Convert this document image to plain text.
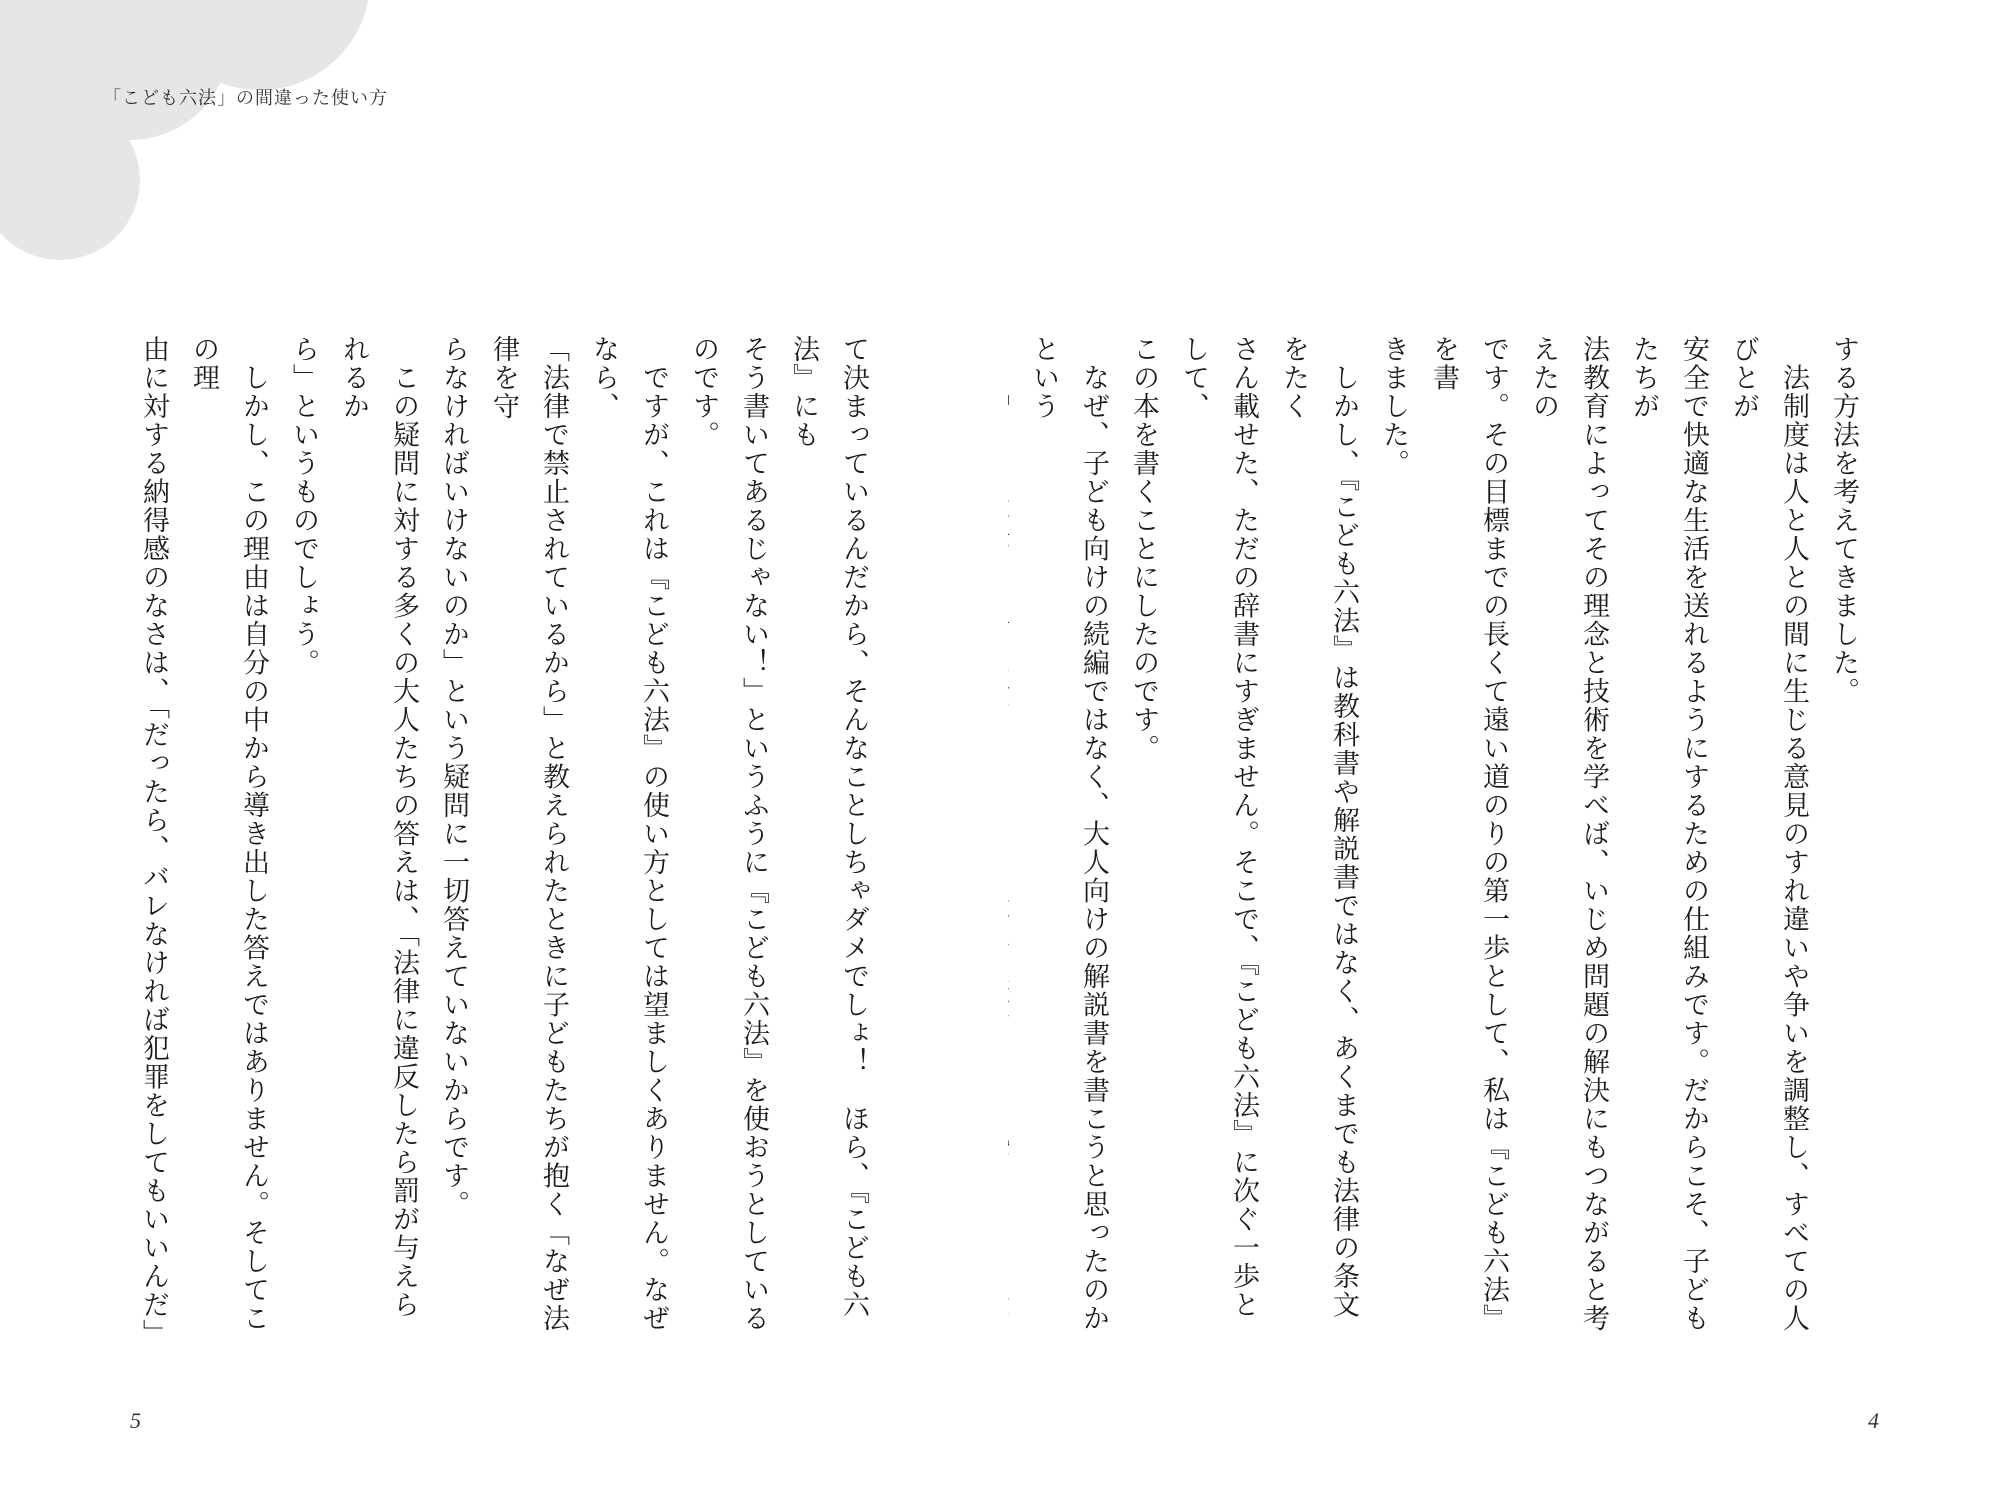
「こども六法」の間違った使い方

する方法を考えてきました。

　法制度は人と人との間に生じる意見のすれ違いや争いを調整し、すべての人びとが

安全で快適な生活を送れるようにするための仕組みです。だからこそ、子どもたちが

法教育によってその理念と技術を学べば、いじめ問題の解決にもつながると考えたの

です。その目標までの長くて遠い道のりの第一歩として、私は『こども六法』を書

きました。

　しかし、『こども六法』は教科書や解説書ではなく、あくまでも法律の条文をたく

さん載せた、ただの辞書にすぎません。そこで、『こども六法』に次ぐ一歩として、

この本を書くことにしたのです。

　なぜ、子ども向けの続編ではなく、大人向けの解説書を書こうと思ったのかという

て決まっているんだから、そんなことしちゃダメでしょ！　ほら、『こども六法』にも

そう書いてあるじゃない！」というふうに『こども六法』を使おうとしているのです。

　ですが、これは『こども六法』の使い方としては望ましくありません。なぜなら、

「法律で禁止されているから」と教えられたときに子どもたちが抱く「なぜ法律を守

らなければいけないのか」という疑問に一切答えていないからです。

　この疑問に対する多くの大人たちの答えは、「法律に違反したら罰が与えられるか

ら」というものでしょう。

　しかし、この理由は自分の中から導き出した答えではありません。そしてこの理

由に対する納得感のなさは、「だったら、バレなければ犯罪をしてもいいんだ」

5	4
